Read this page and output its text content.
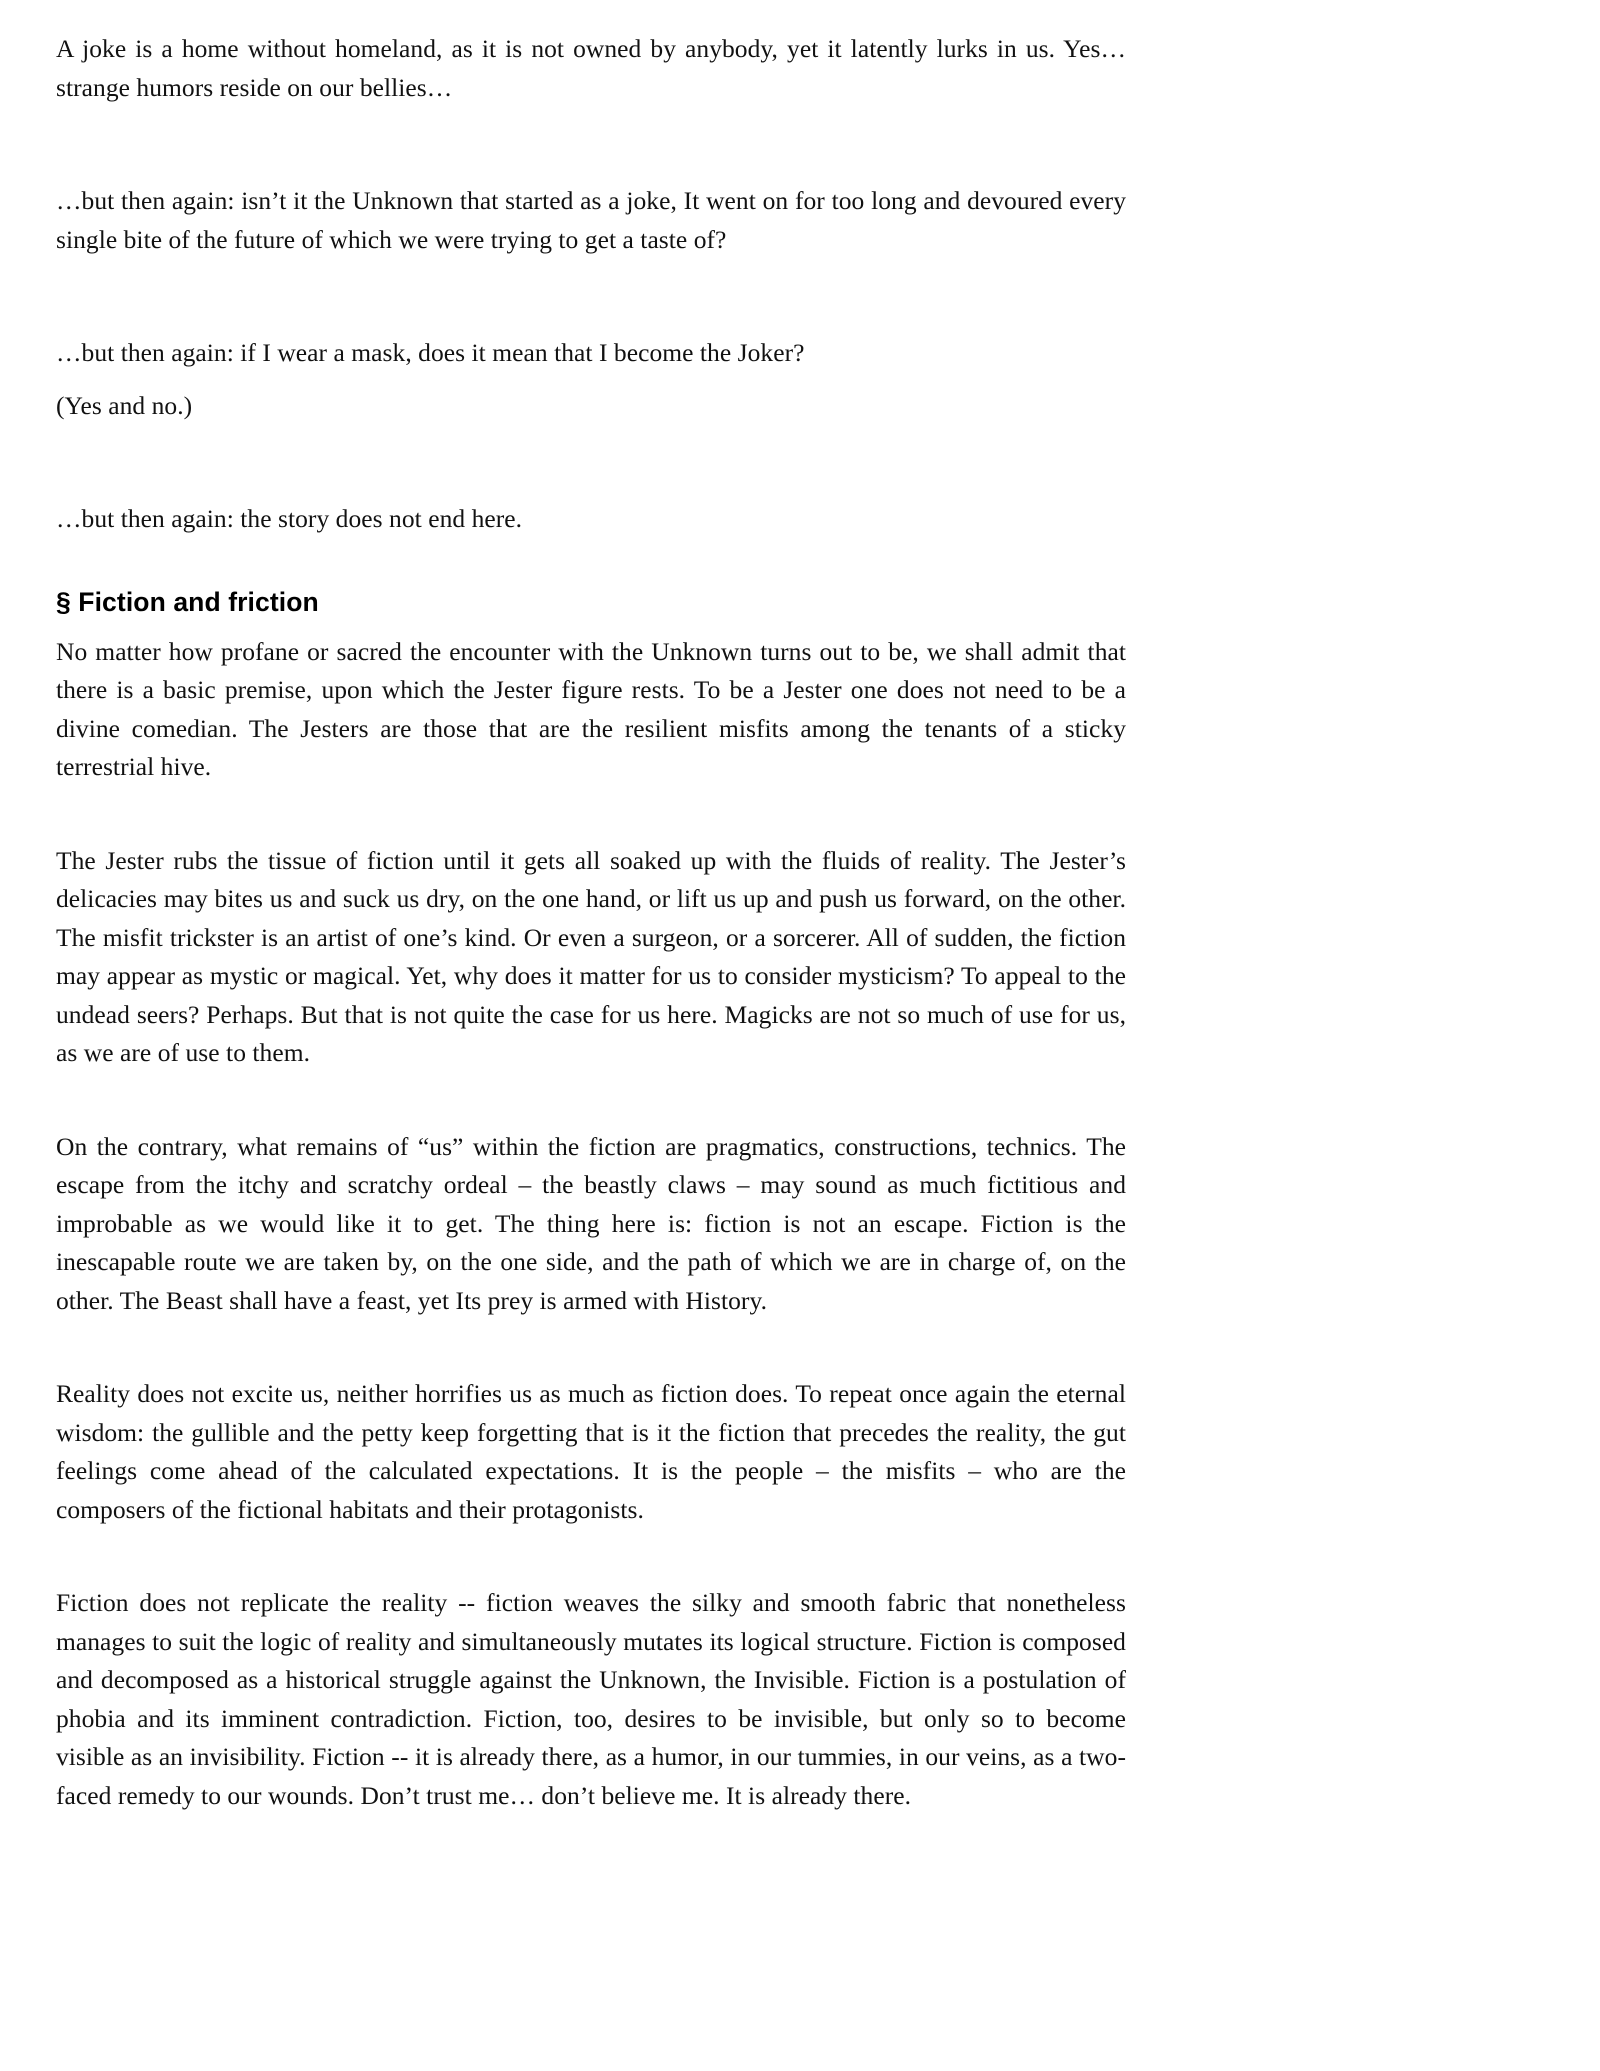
A joke is a home without homeland, as it is not owned by anybody, yet it latently lurks in us. Yes… strange humors reside on our bellies…

…but then again: isn’t it the Unknown that started as a joke, It went on for too long and devoured every single bite of the future of which we were trying to get a taste of?

…but then again: if I wear a mask, does it mean that I become the Joker?

(Yes and no.)

…but then again: the story does not end here.

§ Fiction and friction

No matter how profane or sacred the encounter with the Unknown turns out to be, we shall admit that there is a basic premise, upon which the Jester figure rests. To be a Jester one does not need to be a divine comedian. The Jesters are those that are the resilient misfits among the tenants of a sticky terrestrial hive.

The Jester rubs the tissue of fiction until it gets all soaked up with the fluids of reality. The Jester’s delicacies may bites us and suck us dry, on the one hand, or lift us up and push us forward, on the other. The misfit trickster is an artist of one’s kind. Or even a surgeon, or a sorcerer. All of sudden, the fiction may appear as mystic or magical. Yet, why does it matter for us to consider mysticism? To appeal to the undead seers? Perhaps. But that is not quite the case for us here. Magicks are not so much of use for us, as we are of use to them.

On the contrary, what remains of “us” within the fiction are pragmatics, constructions, technics. The escape from the itchy and scratchy ordeal – the beastly claws – may sound as much fictitious and improbable as we would like it to get. The thing here is: fiction is not an escape. Fiction is the inescapable route we are taken by, on the one side, and the path of which we are in charge of, on the other. The Beast shall have a feast, yet Its prey is armed with History.

Reality does not excite us, neither horrifies us as much as fiction does. To repeat once again the eternal wisdom: the gullible and the petty keep forgetting that is it the fiction that precedes the reality, the gut feelings come ahead of the calculated expectations. It is the people – the misfits – who are the composers of the fictional habitats and their protagonists.

Fiction does not replicate the reality -- fiction weaves the silky and smooth fabric that nonetheless manages to suit the logic of reality and simultaneously mutates its logical structure. Fiction is composed and decomposed as a historical struggle against the Unknown, the Invisible. Fiction is a postulation of phobia and its imminent contradiction. Fiction, too, desires to be invisible, but only so to become visible as an invisibility. Fiction -- it is already there, as a humor, in our tummies, in our veins, as a two-faced remedy to our wounds. Don’t trust me… don’t believe me. It is already there.
